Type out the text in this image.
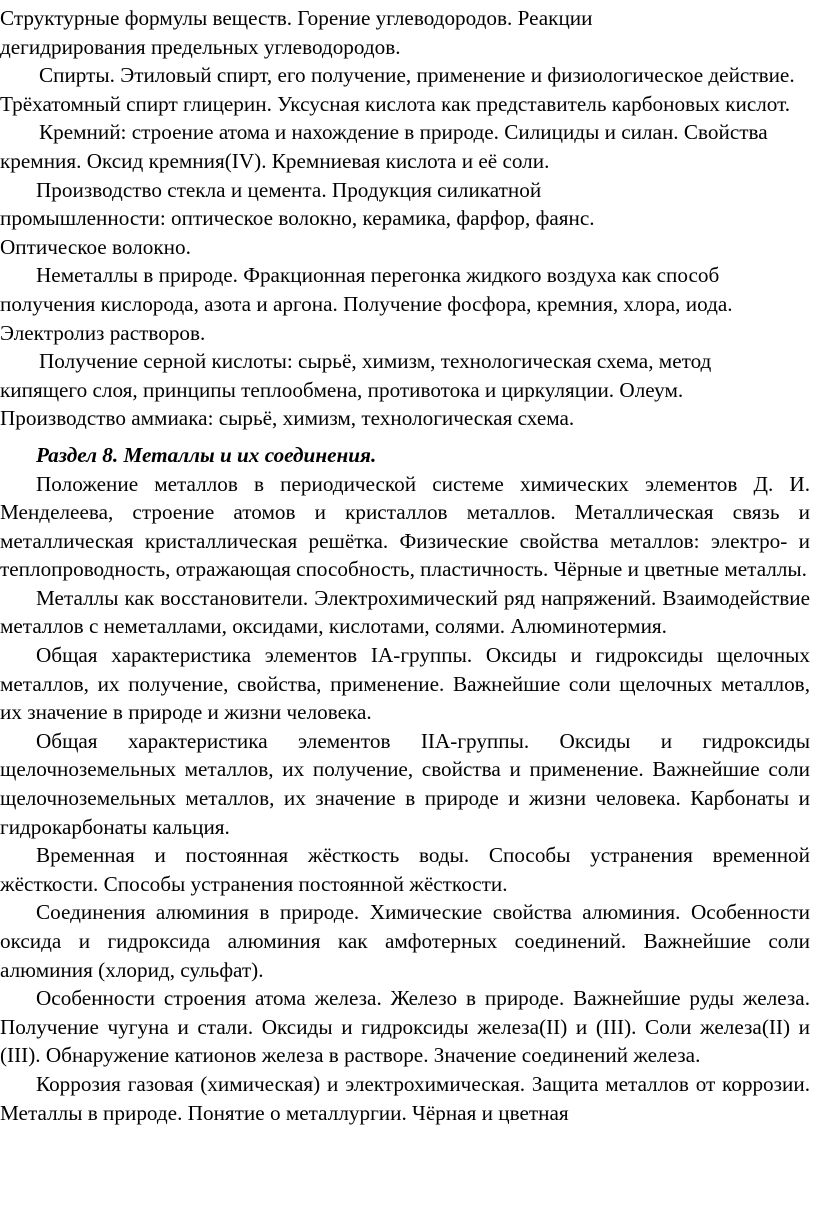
Структурные формулы веществ. Горение углеводородов. Реакции дегидрирования предельных углеводородов.

Спирты. Этиловый спирт, его получение, применение и физиологическое действие. Трёхатомный спирт глицерин. Уксусная кислота как представитель карбоновых кислот.

Кремний: строение атома и нахождение в природе. Силициды и силан. Свойства кремния. Оксид кремния(IV). Кремниевая кислота и её соли.

Производство стекла и цемента. Продукция силикатной промышленности: оптическое волокно, керамика, фарфор, фаянс. Оптическое волокно.

Неметаллы в природе. Фракционная перегонка жидкого воздуха как способ получения кислорода, азота и аргона. Получение фосфора, кремния, хлора, иода. Электролиз растворов.

Получение серной кислоты: сырьё, химизм, технологическая схема, метод кипящего слоя, принципы теплообмена, противотока и циркуляции. Олеум. Производство аммиака: сырьё, химизм, технологическая схема.

Раздел 8. Металлы и их соединения.

Положение металлов в периодической системе химических элементов Д. И. Менделеева, строение атомов и кристаллов металлов. Металлическая связь и металлическая кристаллическая решётка. Физические свойства металлов: электро- и теплопроводность, отражающая способность, пластичность. Чёрные и цветные металлы.

Металлы как восстановители. Электрохимический ряд напряжений. Взаимодействие металлов с неметаллами, оксидами, кислотами, солями. Алюминотермия.

Общая характеристика элементов IA-группы. Оксиды и гидроксиды щелочных металлов, их получение, свойства, применение. Важнейшие соли щелочных металлов, их значение в природе и жизни человека.

Общая характеристика элементов IIA-группы. Оксиды и гидроксиды щелочноземельных металлов, их получение, свойства и применение. Важнейшие соли щелочноземельных металлов, их значение в природе и жизни человека. Карбонаты и гидрокарбонаты кальция.

Временная и постоянная жёсткость воды. Способы устранения временной жёсткости. Способы устранения постоянной жёсткости.

Соединения алюминия в природе. Химические свойства алюминия. Особенности оксида и гидроксида алюминия как амфотерных соединений. Важнейшие соли алюминия (хлорид, сульфат).

Особенности строения атома железа. Железо в природе. Важнейшие руды железа. Получение чугуна и стали. Оксиды и гидроксиды железа(II) и (III). Соли железа(II) и (III). Обнаружение катионов железа в растворе. Значение соединений железа.

Коррозия газовая (химическая) и электрохимическая. Защита металлов от коррозии. Металлы в природе. Понятие о металлургии. Чёрная и цветная
